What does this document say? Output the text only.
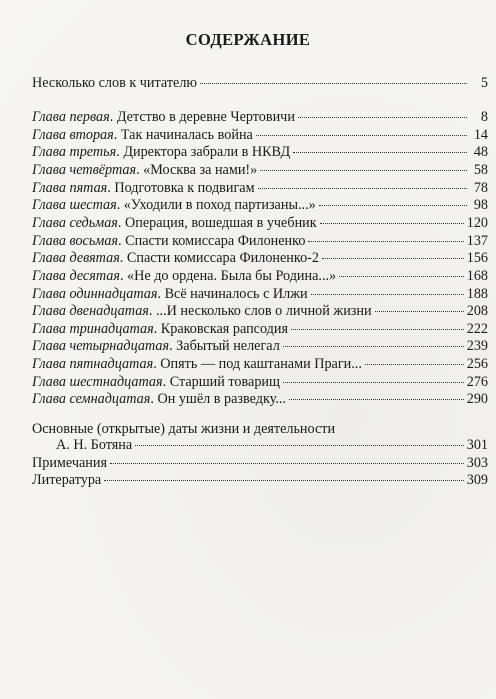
СОДЕРЖАНИЕ
Несколько слов к читателю	5
Глава первая. Детство в деревне Чертовичи	8
Глава вторая. Так начиналась война	14
Глава третья. Директора забрали в НКВД	48
Глава четвёртая. «Москва за нами!»	58
Глава пятая. Подготовка к подвигам	78
Глава шестая. «Уходили в поход партизаны...»	98
Глава седьмая. Операция, вошедшая в учебник	120
Глава восьмая. Спасти комиссара Филоненко	137
Глава девятая. Спасти комиссара Филоненко-2	156
Глава десятая. «Не до ордена. Была бы Родина...»	168
Глава одиннадцатая. Всё начиналось с Илжи	188
Глава двенадцатая. ...И несколько слов о личной жизни	208
Глава тринадцатая. Краковская рапсодия	222
Глава четырнадцатая. Забытый нелегал	239
Глава пятнадцатая. Опять — под каштанами Праги...	256
Глава шестнадцатая. Старший товарищ	276
Глава семнадцатая. Он ушёл в разведку...	290
Основные (открытые) даты жизни и деятельности
А. Н. Ботяна	301
Примечания	303
Литература	309
